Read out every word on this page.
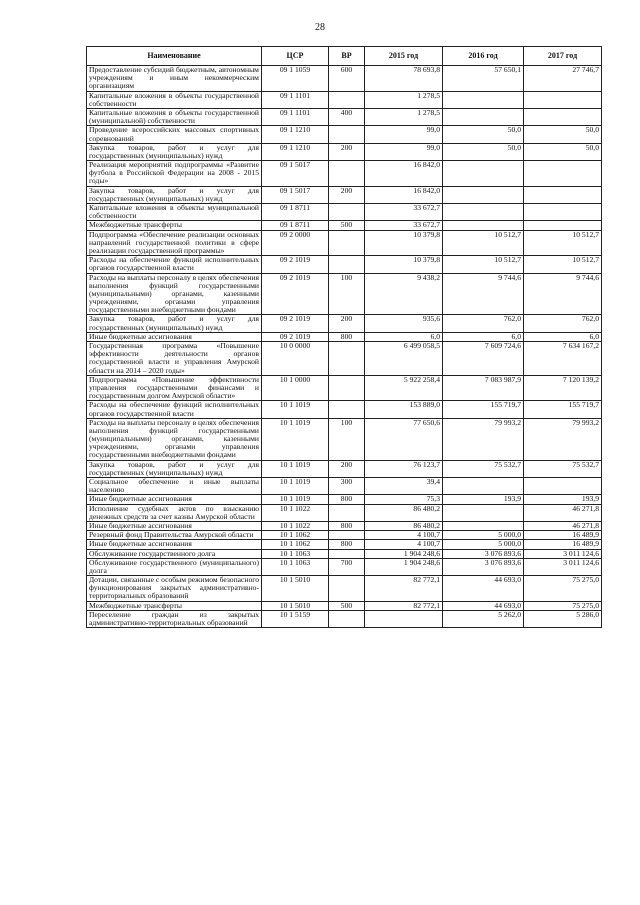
28
Наименование	ЦСР	ВР	2015 год	2016 год	2017 год
Предоставление субсидий бюджетным, автономным учреждениям и иным некоммерческим организациям	09 1 1059	600	78 693,8	57 650,1	27 746,7
Капитальные вложения в объекты государственной собственности	09 1 1101		1 278,5		
Капитальные вложения в объекты государственной (муниципальной) собственности	09 1 1101	400	1 278,5		
Проведение всероссийских массовых спортивных соревнований	09 1 1210		99,0	50,0	50,0
Закупка товаров, работ и услуг для государственных (муниципальных) нужд	09 1 1210	200	99,0	50,0	50,0
Реализация мероприятий подпрограммы «Развитие футбола в Российской Федерации на 2008 - 2015 годы»	09 1 5017		16 842,0		
Закупка товаров, работ и услуг для государственных (муниципальных) нужд	09 1 5017	200	16 842,0		
Капитальные вложения в объекты муниципальной собственности	09 1 8711		33 672,7		
Межбюджетные трансферты	09 1 8711	500	33 672,7		
Подпрограмма «Обеспечение реализации основных направлений государственной политики в сфере реализации государственной программы»	09 2 0000		10 379,8	10 512,7	10 512,7
Расходы на обеспечение функций исполнительных органов государственной власти	09 2 1019		10 379,8	10 512,7	10 512,7
Расходы на выплаты персоналу в целях обеспечения выполнения функций государственными (муниципальными) органами, казенными учреждениями, органами управления государственными внебюджетными фондами	09 2 1019	100	9 438,2	9 744,6	9 744,6
Закупка товаров, работ и услуг для государственных (муниципальных) нужд	09 2 1019	200	935,6	762,0	762,0
Иные бюджетные ассигнования	09 2 1019	800	6,0	6,0	6,0
Государственная программа «Повышение эффективности деятельности органов государственной власти и управления Амурской области на 2014 – 2020 годы»	10 0 0000		6 499 058,5	7 609 724,6	7 634 167,2
Подпрограмма «Повышение эффективности управления государственными финансами и государственным долгом Амурской области»	10 1 0000		5 922 258,4	7 083 987,9	7 120 139,2
Расходы на обеспечение функций исполнительных органов государственной власти	10 1 1019		153 889,0	155 719,7	155 719,7
Расходы на выплаты персоналу в целях обеспечения выполнения функций государственными (муниципальными) органами, казенными учреждениями, органами управления государственными внебюджетными фондами	10 1 1019	100	77 650,6	79 993,2	79 993,2
Закупка товаров, работ и услуг для государственных (муниципальных) нужд	10 1 1019	200	76 123,7	75 532,7	75 532,7
Социальное обеспечение и иные выплаты населению	10 1 1019	300	39,4		
Иные бюджетные ассигнования	10 1 1019	800	75,3	193,9	193,9
Исполнение судебных актов по взысканию денежных средств за счет казны Амурской области	10 1 1022		86 480,2		46 271,8
Иные бюджетные ассигнования	10 1 1022	800	86 480,2		46 271,8
Резервный фонд Правительства Амурской области	10 1 1062		4 100,7	5 000,0	16 489,9
Иные бюджетные ассигнования	10 1 1062	800	4 100,7	5 000,0	16 489,9
Обслуживание государственного долга	10 1 1063		1 904 248,6	3 076 893,6	3 011 124,6
Обслуживание государственного (муниципального) долга	10 1 1063	700	1 904 248,6	3 076 893,6	3 011 124,6
Дотации, связанные с особым режимом безопасного функционирования закрытых административно-территориальных образований	10 1 5010		82 772,1	44 693,0	75 275,0
Межбюджетные трансферты	10 1 5010	500	82 772,1	44 693,0	75 275,0
Переселение граждан из закрытых административно-территориальных образований	10 1 5159			5 262,0	5 286,0
